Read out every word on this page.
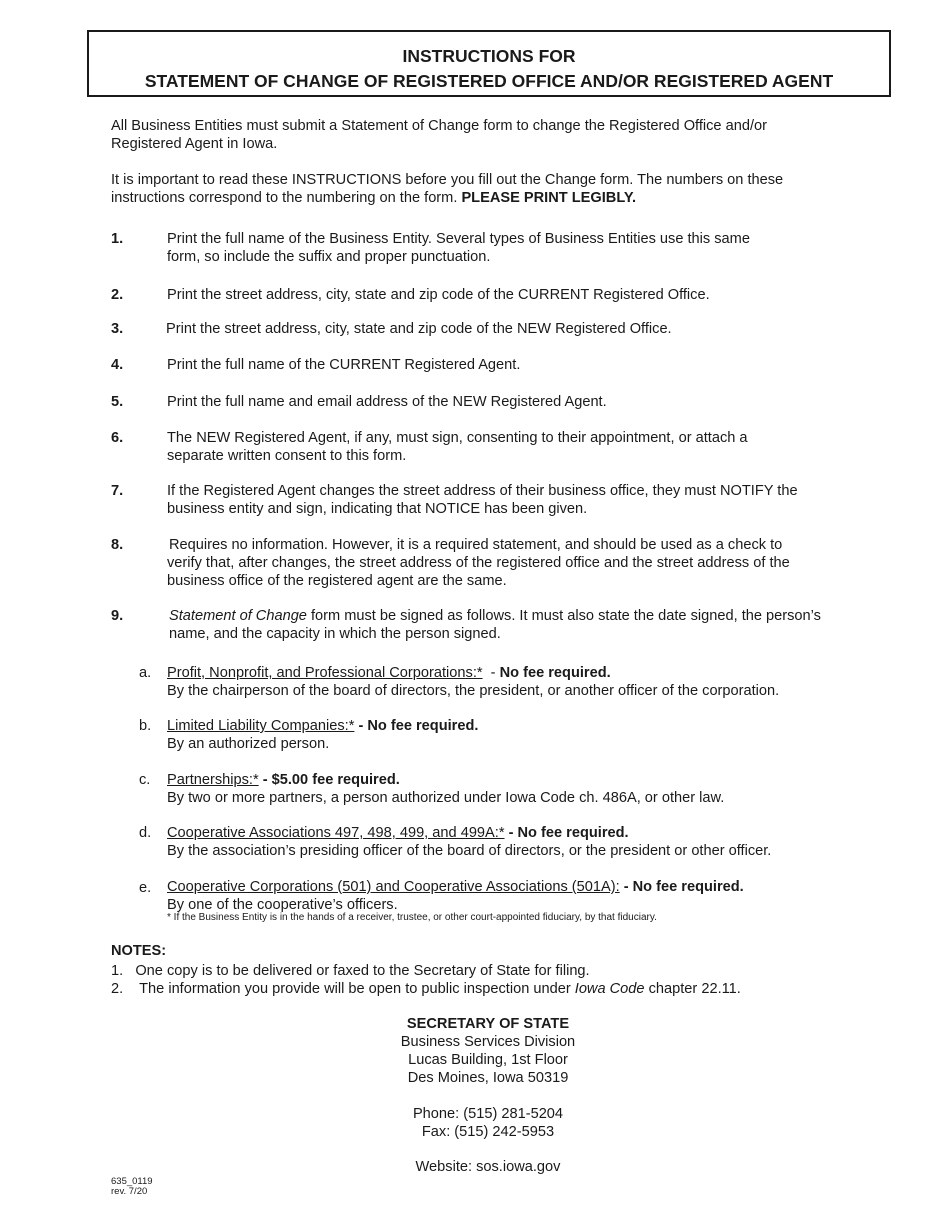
INSTRUCTIONS FOR
STATEMENT OF CHANGE OF REGISTERED OFFICE AND/OR REGISTERED AGENT
All Business Entities must submit a Statement of Change form to change the Registered Office and/or
Registered Agent in Iowa.
It is important to read these INSTRUCTIONS before you fill out the Change form. The numbers on these
instructions correspond to the numbering on the form. PLEASE PRINT LEGIBLY.
1.	Print the full name of the Business Entity. Several types of Business Entities use this same
form, so include the suffix and proper punctuation.
2.	Print the street address, city, state and zip code of the CURRENT Registered Office.
3.	Print the street address, city, state and zip code of the NEW Registered Office.
4.	Print the full name of the CURRENT Registered Agent.
5.	Print the full name and email address of the NEW Registered Agent.
6.	The NEW Registered Agent, if any, must sign, consenting to their appointment, or attach a
separate written consent to this form.
7.	If the Registered Agent changes the street address of their business office, they must NOTIFY the
business entity and sign, indicating that NOTICE has been given.
8.	Requires no information. However, it is a required statement, and should be used as a check to
verify that, after changes, the street address of the registered office and the street address of the
business office of the registered agent are the same.
9.	Statement of Change form must be signed as follows. It must also state the date signed, the person’s
name, and the capacity in which the person signed.
a. Profit, Nonprofit, and Professional Corporations:*  - No fee required.
By the chairperson of the board of directors, the president, or another officer of the corporation.
b. Limited Liability Companies:* - No fee required.
By an authorized person.
c. Partnerships:* - $5.00 fee required.
By two or more partners, a person authorized under Iowa Code ch. 486A, or other law.
d. Cooperative Associations 497, 498, 499, and 499A:* - No fee required.
By the association’s presiding officer of the board of directors, or the president or other officer.
e. Cooperative Corporations (501) and Cooperative Associations (501A): - No fee required.
By one of the cooperative’s officers.
* If the Business Entity is in the hands of a receiver, trustee, or other court-appointed fiduciary, by that fiduciary.
NOTES:
1.   One copy is to be delivered or faxed to the Secretary of State for filing.
2.    The information you provide will be open to public inspection under Iowa Code chapter 22.11.
SECRETARY OF STATE
Business Services Division
Lucas Building, 1st Floor
Des Moines, Iowa 50319
Phone: (515) 281-5204
Fax: (515) 242-5953
Website: sos.iowa.gov
635_0119
rev. 7/20
